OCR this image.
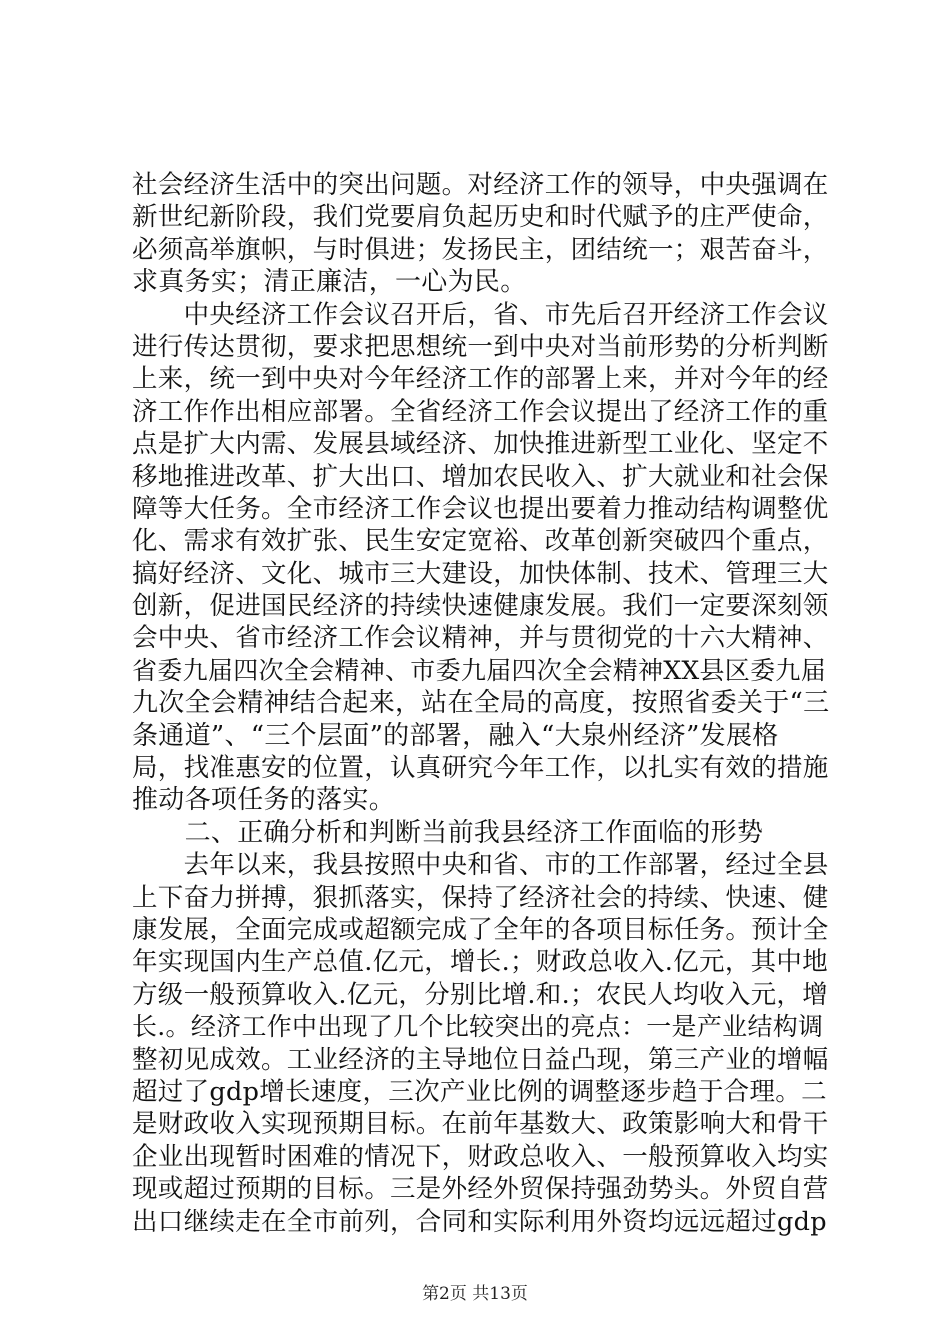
社会经济生活中的突出问题。对经济工作的领导，中央强调在
新世纪新阶段，我们党要肩负起历史和时代赋予的庄严使命，
必须高举旗帜，与时俱进；发扬民主，团结统一；艰苦奋斗，
求真务实；清正廉洁，一心为民。
　　中央经济工作会议召开后，省、市先后召开经济工作会议
进行传达贯彻，要求把思想统一到中央对当前形势的分析判断
上来，统一到中央对今年经济工作的部署上来，并对今年的经
济工作作出相应部署。全省经济工作会议提出了经济工作的重
点是扩大内需、发展县域经济、加快推进新型工业化、坚定不
移地推进改革、扩大出口、增加农民收入、扩大就业和社会保
障等大任务。全市经济工作会议也提出要着力推动结构调整优
化、需求有效扩张、民生安定宽裕、改革创新突破四个重点，
搞好经济、文化、城市三大建设，加快体制、技术、管理三大
创新，促进国民经济的持续快速健康发展。我们一定要深刻领
会中央、省市经济工作会议精神，并与贯彻党的十六大精神、
省委九届四次全会精神、市委九届四次全会精神XX县区委九届
九次全会精神结合起来，站在全局的高度，按照省委关于“三
条通道”、“三个层面”的部署，融入“大泉州经济”发展格
局，找准惠安的位置，认真研究今年工作，以扎实有效的措施
推动各项任务的落实。
　　二、正确分析和判断当前我县经济工作面临的形势
　　去年以来，我县按照中央和省、市的工作部署，经过全县
上下奋力拼搏，狠抓落实，保持了经济社会的持续、快速、健
康发展，全面完成或超额完成了全年的各项目标任务。预计全
年实现国内生产总值.亿元，增长.；财政总收入.亿元，其中地
方级一般预算收入.亿元，分别比增.和.；农民人均收入元，增
长.。经济工作中出现了几个比较突出的亮点：一是产业结构调
整初见成效。工业经济的主导地位日益凸现，第三产业的增幅
超过了gdp增长速度，三次产业比例的调整逐步趋于合理。二
是财政收入实现预期目标。在前年基数大、政策影响大和骨干
企业出现暂时困难的情况下，财政总收入、一般预算收入均实
现或超过预期的目标。三是外经外贸保持强劲势头。外贸自营
出口继续走在全市前列，合同和实际利用外资均远远超过gdp
第2页 共13页
